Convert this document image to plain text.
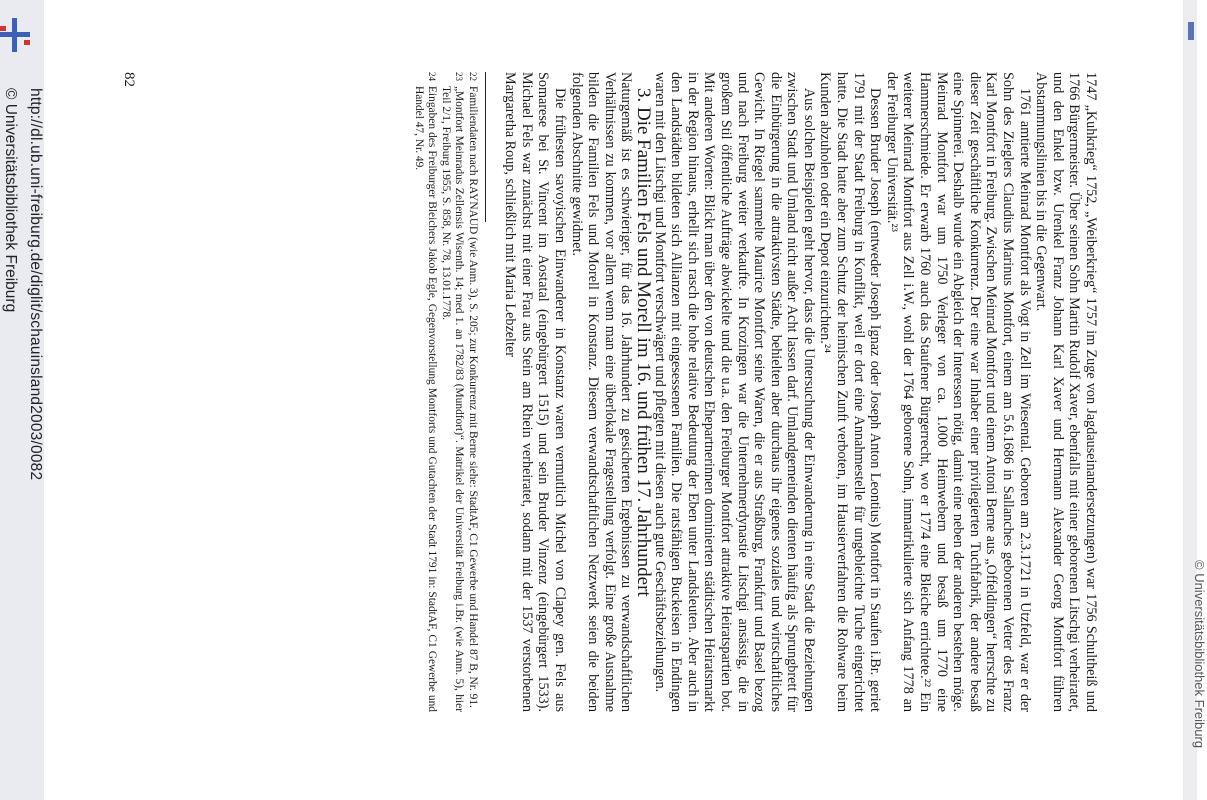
© Universitätsbibliothek Freiburg

1747 „Kuhkrieg“ 1752, „Weiberkrieg“ 1757 im Zuge von Jagdauseinandersetzungen) war 1756 Schultheiß und 1766 Bürgermeister. Über seinen Sohn Martin Rudolf Xaver, ebenfalls mit einer geborenen Litschgi verheiratet, und den Enkel bzw. Urenkel Franz Johann Karl Xaver und Hermann Alexander Georg Montfort führen Abstammungslinien bis in die Gegenwart.

1761 amtierte Meinrad Montfort als Vogt in Zell im Wiesental. Geboren am 2.3.1721 in Utzfeld, war er der Sohn des Zieglers Claudius Marinus Montfort, einem am 5.6.1686 in Sallanches geborenen Vetter des Franz Karl Montfort in Freiburg. Zwischen Meinrad Montfort und einem Antoni Berne aus „Offeldingen“ herrschte zu dieser Zeit geschäftliche Konkurrenz. Der eine war Inhaber einer privilegierten Tuchfabrik, der andere besaß eine Spinnerei. Deshalb wurde ein Abgleich der Interessen nötig, damit eine neben der anderen bestehen möge. Meinrad Montfort war um 1750 Verleger von ca. 1.000 Heimwebern und besaß um 1770 eine Hammerschmiede. Er erwarb 1760 auch das Staufener Bürgerrecht, wo er 1774 eine Bleiche errichtete.²² Ein weiterer Meinrad Montfort aus Zell i.W., wohl der 1764 geborene Sohn, immatrikulierte sich Anfang 1778 an der Freiburger Universität.²³

Dessen Bruder Joseph (entweder Joseph Ignaz oder Joseph Anton Leontius) Montfort in Staufen i.Br. geriet 1791 mit der Stadt Freiburg in Konflikt, weil er dort eine Annahmestelle für ungebleichte Tuche eingerichtet hatte. Die Stadt hatte aber zum Schutz der heimischen Zunft verboten, im Hausierverfahren die Rohware beim Kunden abzuholen oder ein Depot einzurichten.²⁴

Aus solchen Beispielen geht hervor, dass die Untersuchung der Einwanderung in eine Stadt die Beziehungen zwischen Stadt und Umland nicht außer Acht lassen darf. Umlandgemeinden dienten häufig als Sprungbrett für die Einbürgerung in die attraktivsten Städte, behielten aber durchaus ihr eigenes soziales und wirtschaftliches Gewicht. In Riegel sammelte Maurice Montfort seine Waren, die er aus Straßburg, Frankfurt und Basel bezog und nach Freiburg weiter verkaufte. In Krozingen war die Unternehmerdynastie Litschgi ansässig, die in großem Stil öffentliche Aufträge abwickelte und die u.a. den Freiburger Montfort attraktive Heiratspartien bot. Mit anderen Worten: Blickt man über den von deutschen Ehepartnerinnen dominierten städtischen Heiratsmarkt in der Region hinaus, erhellt sich rasch die hohe relative Bedeutung der Eben unter Landsleuten. Aber auch in den Landstädten bildeten sich Allianzen mit eingesessenen Familien. Die ratsfähigen Buckeisen in Endingen waren mit den Litschgi und Montfort verschwägert und pflegten mit diesen auch gute Geschäftsbeziehungen.

3. Die Familien Fels und Morell im 16. und frühen 17. Jahrhundert

Naturgemäß ist es schwieriger, für das 16. Jahrhundert zu gesicherten Ergebnissen zu verwandschaftlichen Verhältnissen zu kommen, vor allem wenn man eine überlokale Fragestellung verfolgt. Eine große Ausnahme bilden die Familien Fels und Morell in Konstanz. Diesem verwandtschaftlichen Netzwerk seien die beiden folgenden Abschnitte gewidmet.

Die frühesten savoyischen Einwanderer in Konstanz waren vermutlich Michel von Clapey gen. Fels aus Somarese bei St. Vincent im Aostatal (eingebürgert 1515) und sein Bruder Vinzenz (eingebürgert 1533). Michael Fels war zunächst mit einer Frau aus Stein am Rhein verheiratet, sodann mit der 1537 verstorbenen Margaretha Roup, schließlich mit Maria Lebzelter

22
Familiendaten nach RAYNAUD (wie Anm. 3), S. 205; zur Konkurrenz mit Berne siehe: StadtAF, C1 Gewerbe und Handel 87 B, Nr. 91.

23
„Montfort Meinradus Zellensis Wisenth. 14; med 1. an 1782/83 (Mundfort)“. Matrikel der Universität Freiburg i.Br. (wie Anm. 5), hier Teil 2/1, Freiburg 1955, S. 858, Nr. 78, 13.01.1778.

24
Eingaben des Freiburger Bleichers Jakob Egle, Gegenvorstellung Montforts und Gutachten der Stadt 1791 in: StadtAF, C1 Gewerbe und Handel 47, Nr. 49.

82
http://dl.ub.uni-freiburg.de/diglit/schauinsland2003/0082
© Universitätsbibliothek Freiburg
